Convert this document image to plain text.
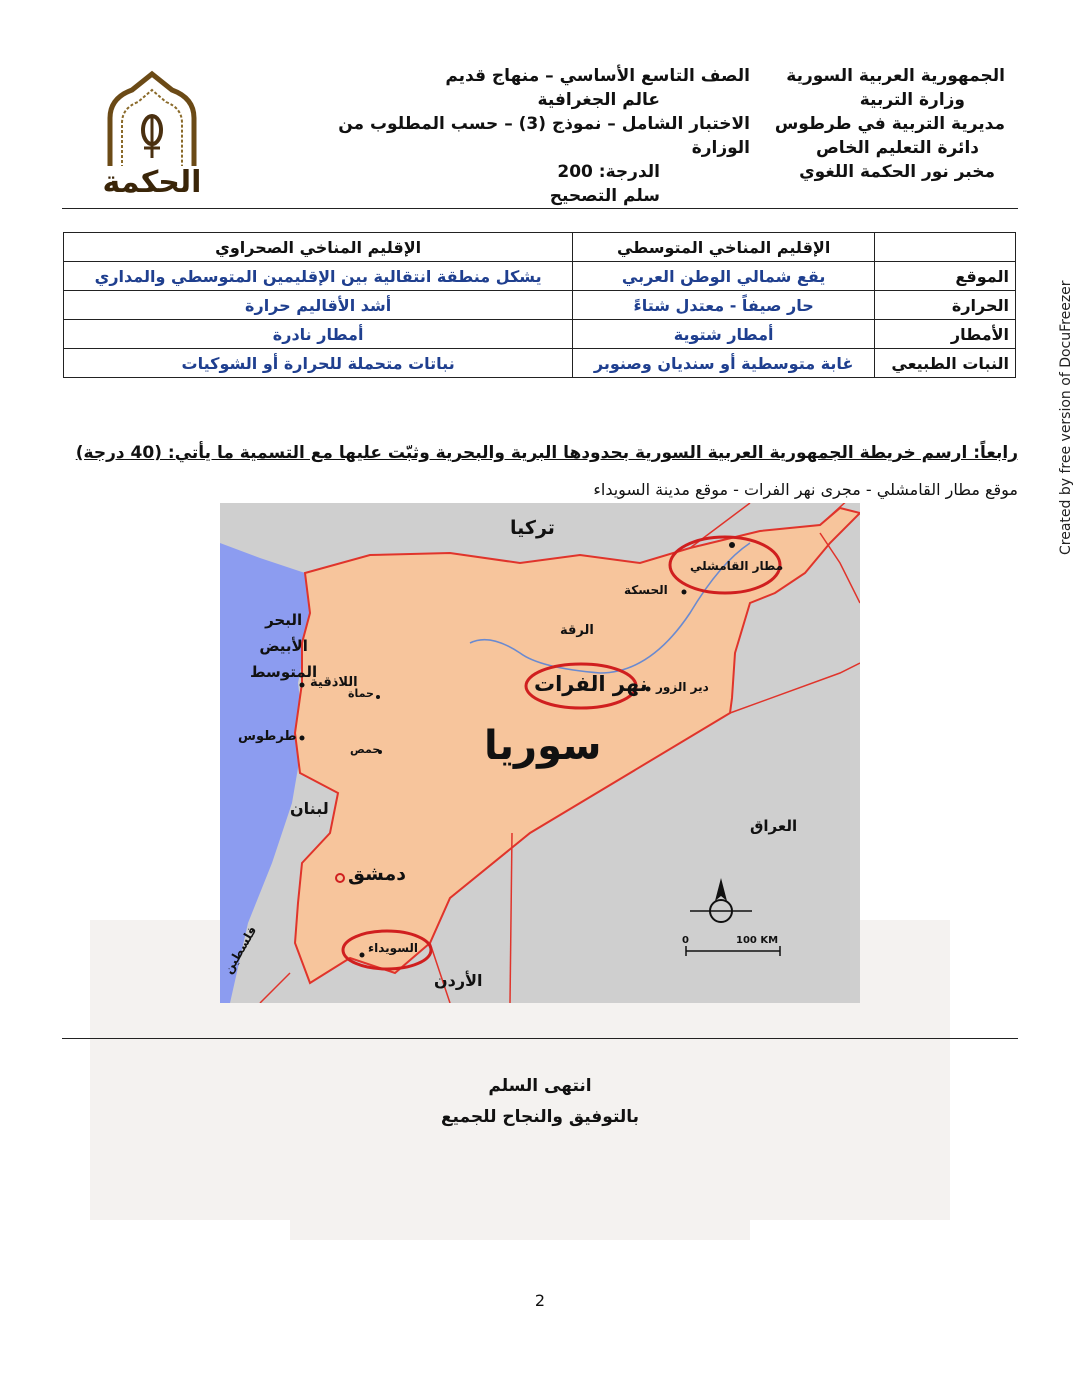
الحكمة
الجمهورية العربية السورية
وزارة التربية
مديرية التربية في طرطوس
دائرة التعليم الخاص
مخبر نور الحكمة اللغوي
الصف التاسع الأساسي – منهاج قديم
عالم الجغرافية
الاختبار الشامل – نموذج (3) – حسب المطلوب من الوزارة
الدرجة: 200
سلم التصحيح
	الإقليم المناخي المتوسطي	الإقليم المناخي الصحراوي
الموقع	يقع شمالي الوطن العربي	يشكل منطقة انتقالية بين الإقليمين المتوسطي والمداري
الحرارة	حار صيفاً - معتدل شتاءً	أشد الأقاليم حرارة
الأمطار	أمطار شتوية	أمطار نادرة
النبات الطبيعي	غابة متوسطية أو سنديان وصنوبر	نباتات متحملة للحرارة أو الشوكيات
رابعاً: ارسم خريطة الجمهورية العربية السورية بحدودها البرية والبحرية وثبّت عليها مع التسمية ما يأتي: (40 درجة)
موقع مطار القامشلي - مجرى نهر الفرات - موقع مدينة السويداء
تركيا
مطار القامشلي
الحسكة
الرقة
نهر الفرات دير الزور
البحر
الأبيض
المتوسط
اللاذقية
حماة
طرطوس
حمص	سوريا
لبنان
العراق
دمشق
السويداء
فلسطين
الأردن
0	100 KM
انتهى السلم
بالتوفيق والنجاح للجميع
2
Created by free version of DocuFreezer
